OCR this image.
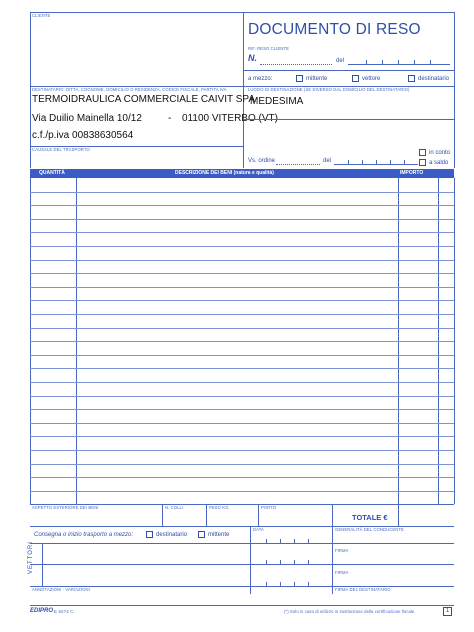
CLIENTE
DOCUMENTO DI RESO
RIF. RESO CLIENTE
N.	del
a mezzo:	mittente	vettore	destinatario
DESTINATARIO: DITTA, COGNOME, DOMICILIO O RESIDENZA, CODICE FISCALE, PARTITA IVA
TERMOIDRAULICA COMMERCIALE CAIVIT SPA
Via Duilio Mainella 10/12	- 01100 VITERBO (VT)
c.f./p.iva 00838630564
LUOGO DI DESTINAZIONE (SE DIVERSO DAL DOMICILIO DEL DESTINATARIO)
MEDESIMA
CAUSALE DEL TRASPORTO
Vs. ordine	del
in conto
a saldo
QUANTITÀ	DESCRIZIONE DEI BENI (natura e qualità)	IMPORTO
ASPETTO ESTERIORE DEI BENI	N. COLLI	PESO KG.	PORTO
TOTALE €
Consegna o inizio trasporto a mezzo:	destinatario	mittente
DATA	GENERALITÀ DEL CONDUCENTE
FIRMA
FIRMA
VETTORI
ANNOTAZIONI - VARIAZIONI	FIRMA DEL DESTINATARIO
EDIPRO E 5274 C	(*) Solo in caso di utilizzo in sostituzione della certificazione fiscale	1
